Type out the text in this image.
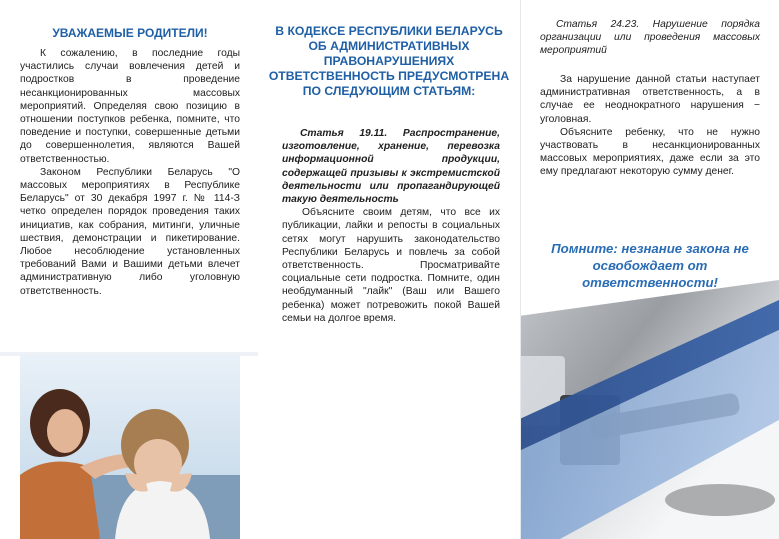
УВАЖАЕМЫЕ РОДИТЕЛИ!
К сожалению, в последние годы участились случаи вовлечения детей и подростков в проведение несанкционированных массовых мероприятий. Определяя свою позицию в отношении поступков ребенка, помните, что поведение и поступки, совершенные детьми до совершеннолетия, являются Вашей ответственностью.
Законом Республики Беларусь "О массовых мероприятиях в Республике Беларусь" от 30 декабря 1997 г. № 114-З четко определен порядок проведения таких инициатив, как собрания, митинги, уличные шествия, демонстрации и пикетирование. Любое несоблюдение установленных требований Вами и Вашими детьми влечет административную либо уголовную ответственность.
В КОДЕКСЕ РЕСПУБЛИКИ БЕЛАРУСЬ ОБ АДМИНИСТРАТИВНЫХ ПРАВОНАРУШЕНИЯХ ОТВЕТСТВЕННОСТЬ ПРЕДУСМОТРЕНА ПО СЛЕДУЮЩИМ СТАТЬЯМ:
Статья 19.11. Распространение, изготовление, хранение, перевозка информационной продукции, содержащей призывы к экстремистской деятельности или пропагандирующей такую деятельность
Объясните своим детям, что все их публикации, лайки и репосты в социальных сетях могут нарушить законодательство Республики Беларусь и повлечь за собой ответственность. Просматривайте социальные сети подростка. Помните, один необдуманный "лайк" (Ваш или Вашего ребенка) может потревожить покой Вашей семьи на долгое время.
Статья 24.23. Нарушение порядка организации или проведения массовых мероприятий
За нарушение данной статьи наступает административная ответственность, а в случае ее неоднократного нарушения − уголовная.
Объясните ребенку, что не нужно участвовать в несанкционированных массовых мероприятиях, даже если за это ему предлагают некоторую сумму денег.

Помните: незнание закона не освобождает от ответственности!
